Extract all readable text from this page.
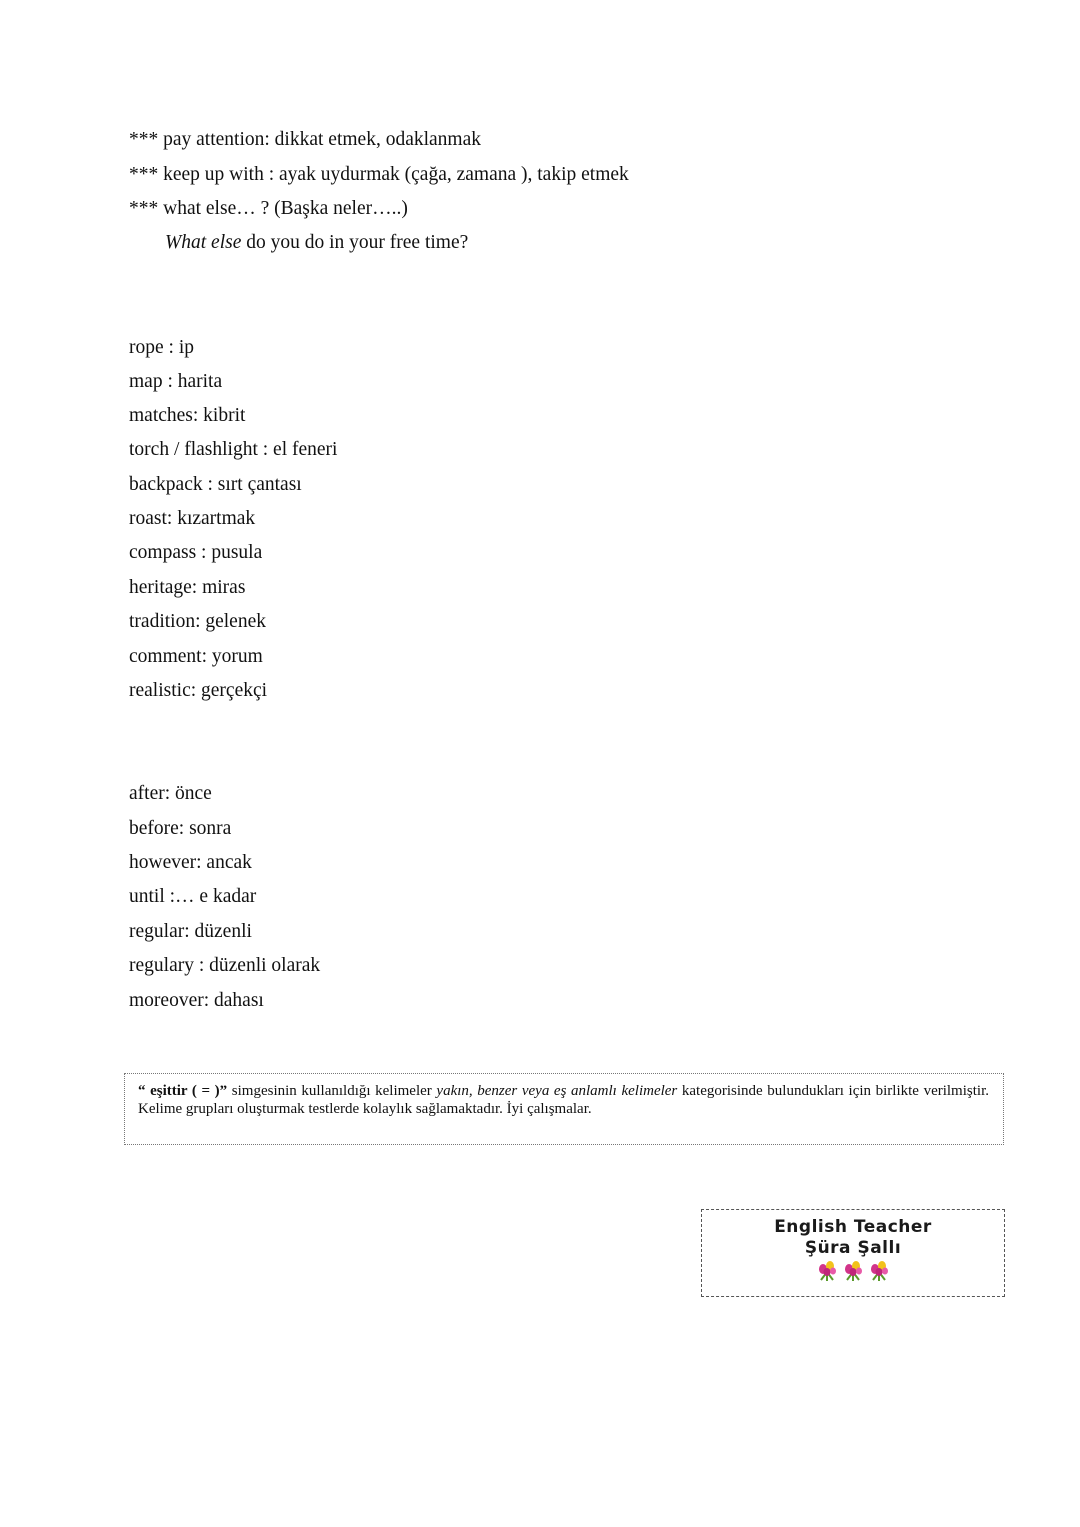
*** pay attention: dikkat etmek, odaklanmak
*** keep up with : ayak uydurmak (çağa, zamana ), takip etmek
*** what else… ? (Başka neler…..)
What else do you do in your free time?
rope : ip
map : harita
matches: kibrit
torch / flashlight : el feneri
backpack : sırt çantası
roast: kızartmak
compass : pusula
heritage: miras
tradition: gelenek
comment: yorum
realistic: gerçekçi
after: önce
before: sonra
however: ancak
until :… e kadar
regular: düzenli
regulary : düzenli olarak
moreover: dahası
“ eşittir ( = )” simgesinin kullanıldığı kelimeler yakın, benzer veya eş anlamlı kelimeler kategorisinde bulundukları için birlikte verilmiştir. Kelime grupları oluşturmak testlerde kolaylık sağlamaktadır. İyi çalışmalar.
English Teacher
Şüra Şallı
